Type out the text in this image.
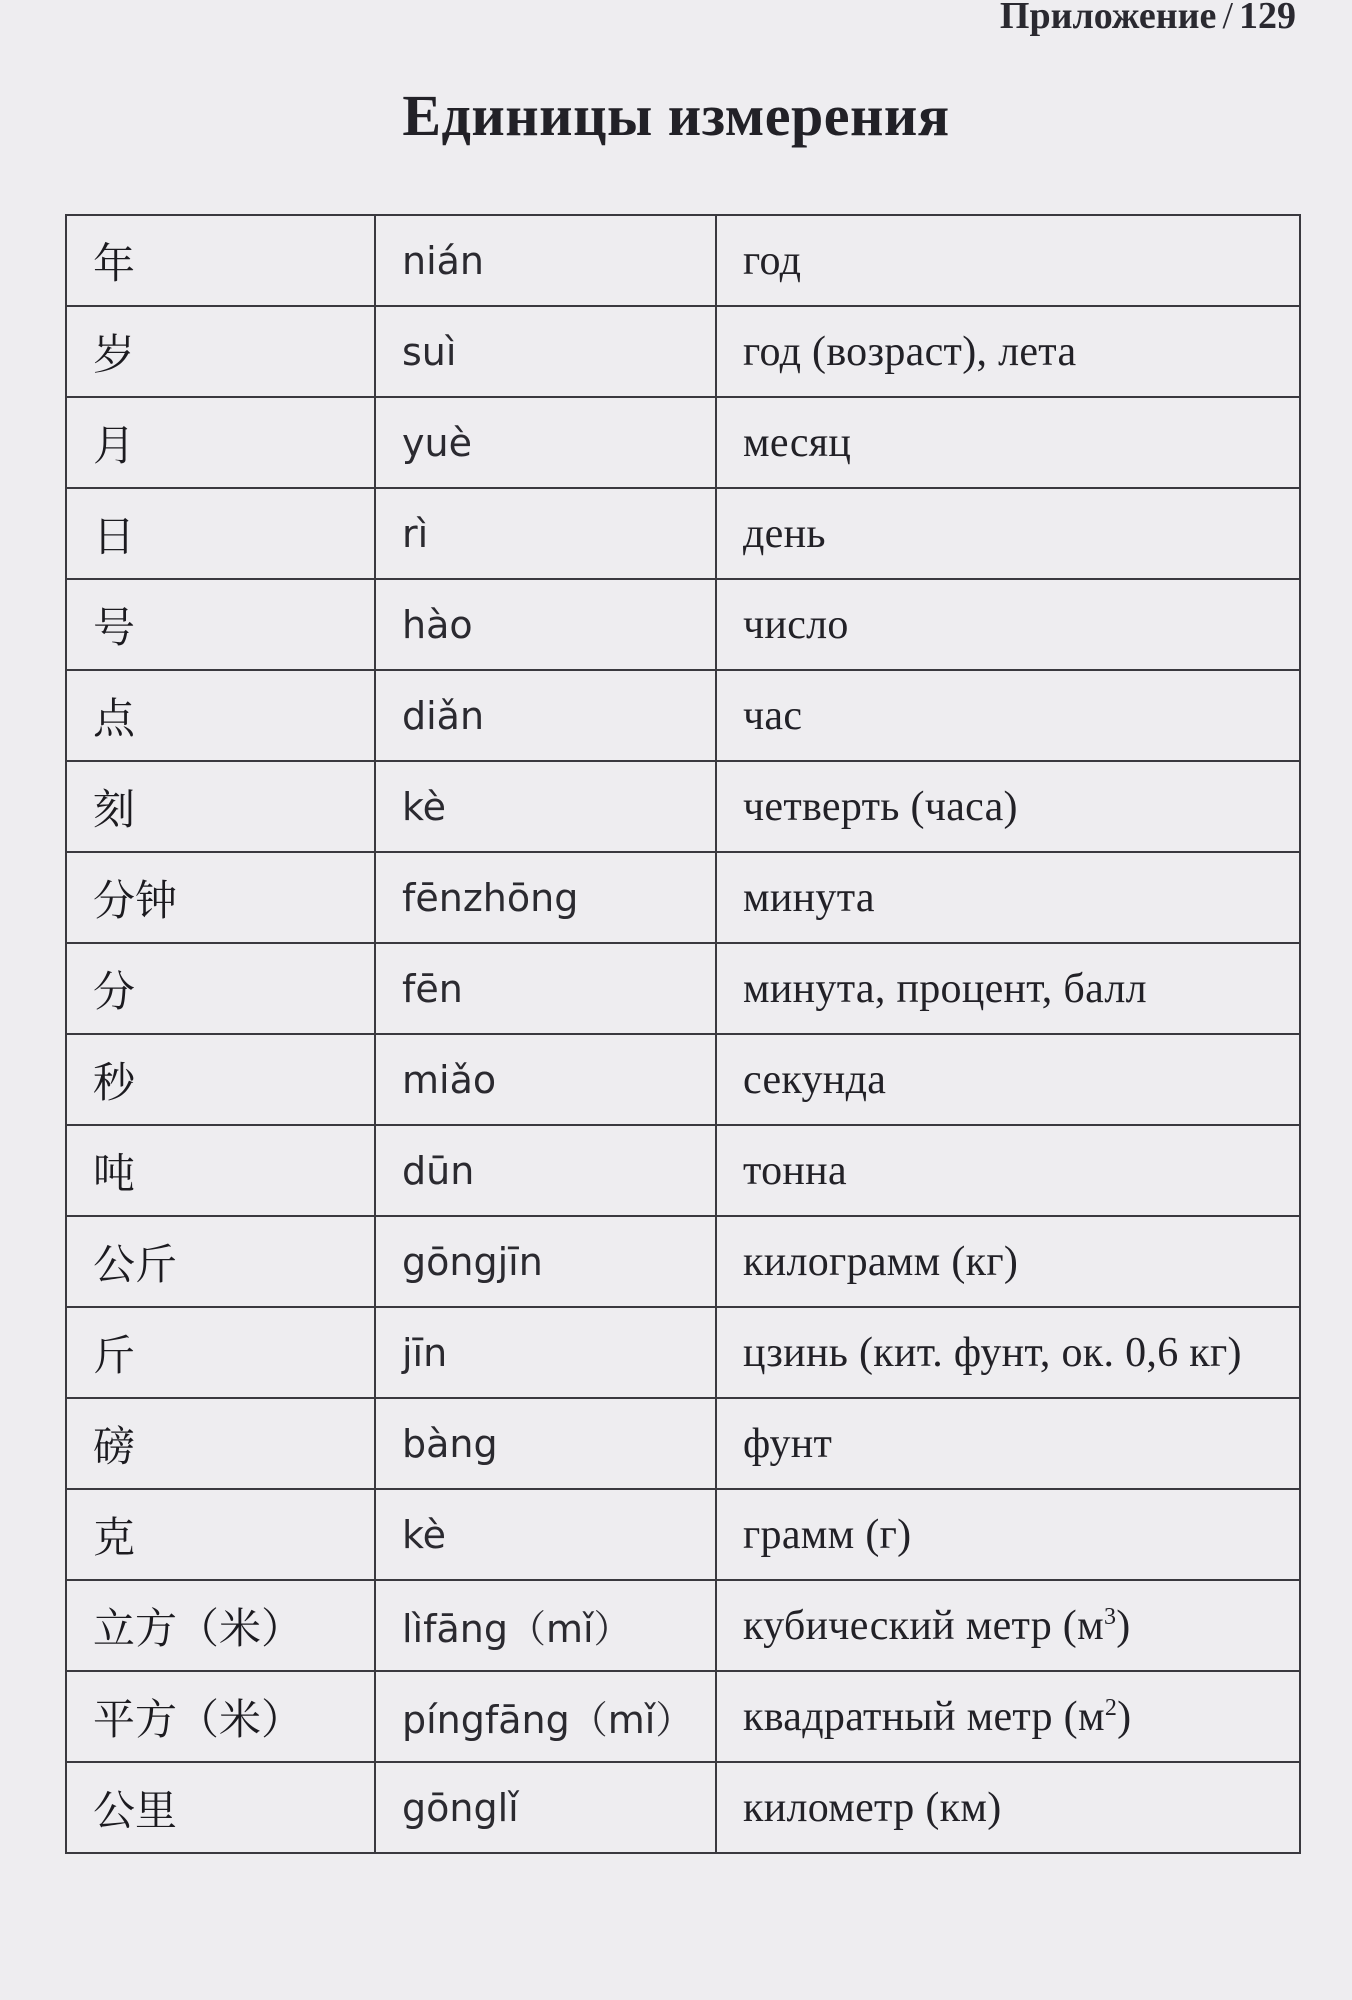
Приложение / 129
Единицы измерения
年	nián	год
岁	suì	год (возраст), лета
月	yuè	месяц
日	rì	день
号	hào	число
点	diǎn	час
刻	kè	четверть (часа)
分钟	fēnzhōng	минута
分	fēn	минута, процент, балл
秒	miǎo	секунда
吨	dūn	тонна
公斤	gōngjīn	килограмм (кг)
斤	jīn	цзинь (кит. фунт, ок. 0,6 кг)
磅	bàng	фунт
克	kè	грамм (г)
立方（米）	lìfāng（mǐ）	кубический метр $(м^3)$
平方（米）	píngfāng（mǐ）	квадратный метр $(м^2)$
公里	gōnglǐ	километр (км)
